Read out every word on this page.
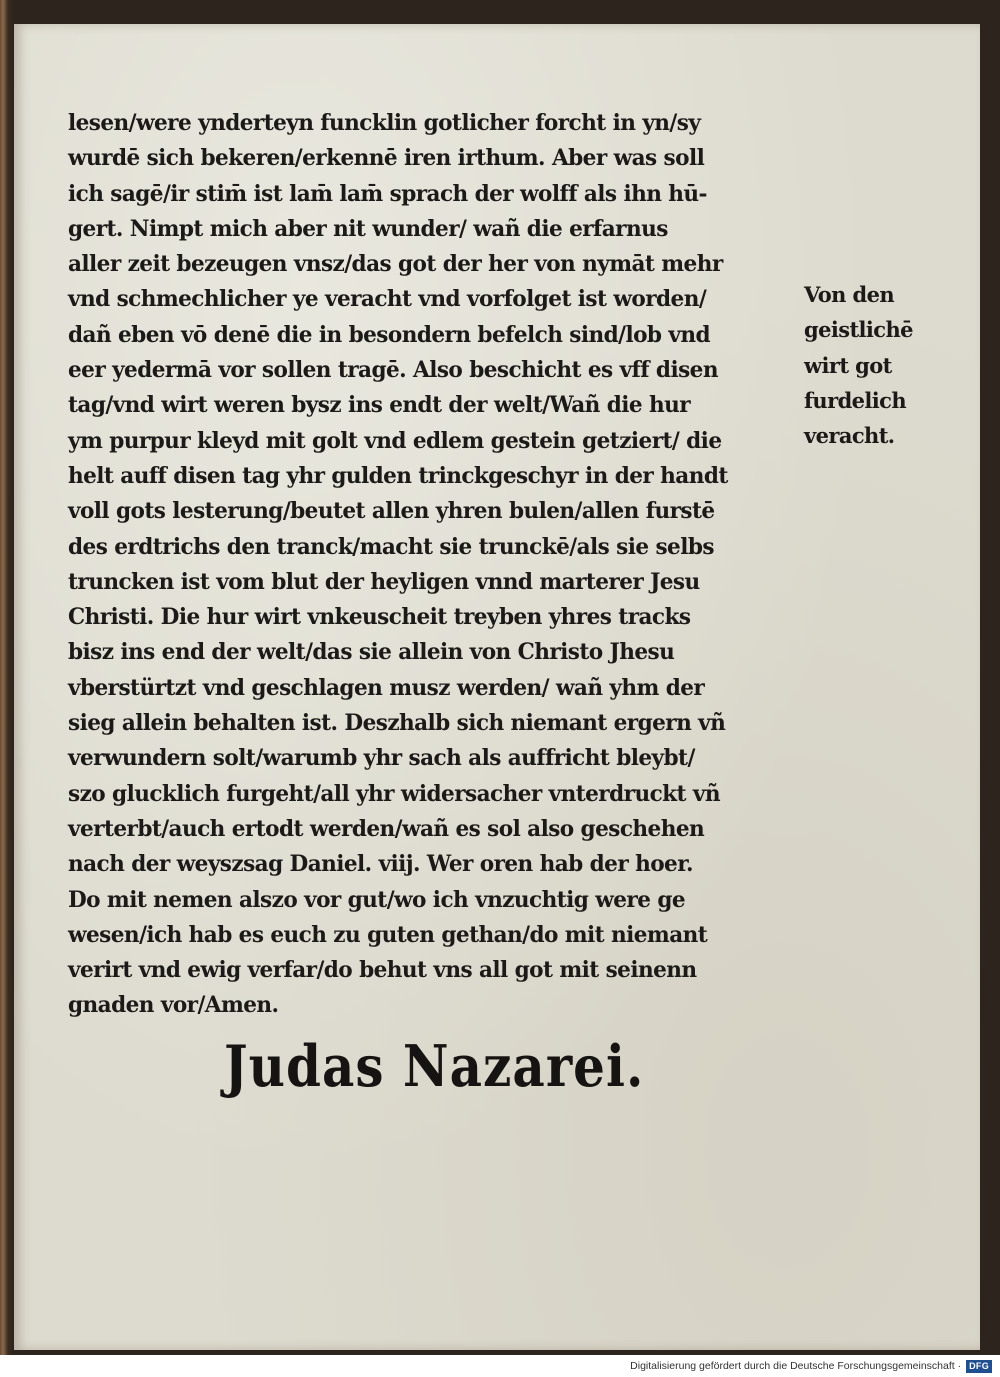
lesen/were ynderteyn funcklin gotlicher forcht in yn/sy
wurdē sich bekeren/erkennē iren irthum. Aber was soll
ich sagē/ir stim̄ ist lam̄ lam̄ sprach der wolff als ihn hū-
gert. Nimpt mich aber nit wunder/ wañ die erfarnus
aller zeit bezeugen vnsz/das got der her von nymāt mehr
vnd schmechlicher ye veracht vnd vorfolget ist worden/
dañ eben vō denē die in besondern befelch sind/lob vnd
eer yedermā vor sollen tragē. Also beschicht es vff disen
tag/vnd wirt weren bysz ins endt der welt/Wañ die hur
ym purpur kleyd mit golt vnd edlem gestein getziert/ die
helt auff disen tag yhr gulden trinckgeschyr in der handt
voll gots lesterung/beutet allen yhren bulen/allen furstē
des erdtrichs den tranck/macht sie trunckē/als sie selbs
truncken ist vom blut der heyligen vnnd marterer Jesu
Christi. Die hur wirt vnkeuscheit treyben yhres tracks
bisz ins end der welt/das sie allein von Christo Jhesu
vberstürtzt vnd geschlagen musz werden/ wañ yhm der
sieg allein behalten ist. Deszhalb sich niemant ergern vñ
verwundern solt/warumb yhr sach als auffricht bleybt/
szo glucklich furgeht/all yhr widersacher vnterdruckt vñ
verterbt/auch ertodt werden/wañ es sol also geschehen
nach der weyszsag Daniel. viij. Wer oren hab der hoer.
Do mit nemen alszo vor gut/wo ich vnzuchtig were ge
wesen/ich hab es euch zu guten gethan/do mit niemant
verirt vnd ewig verfar/do behut vns all got mit seinenn
gnaden vor/Amen.
Von den
geistlichē
wirt got
furdelich
veracht.
Judas Nazarei.
Digitalisierung gefördert durch die Deutsche Forschungsgemeinschaft · DFG
